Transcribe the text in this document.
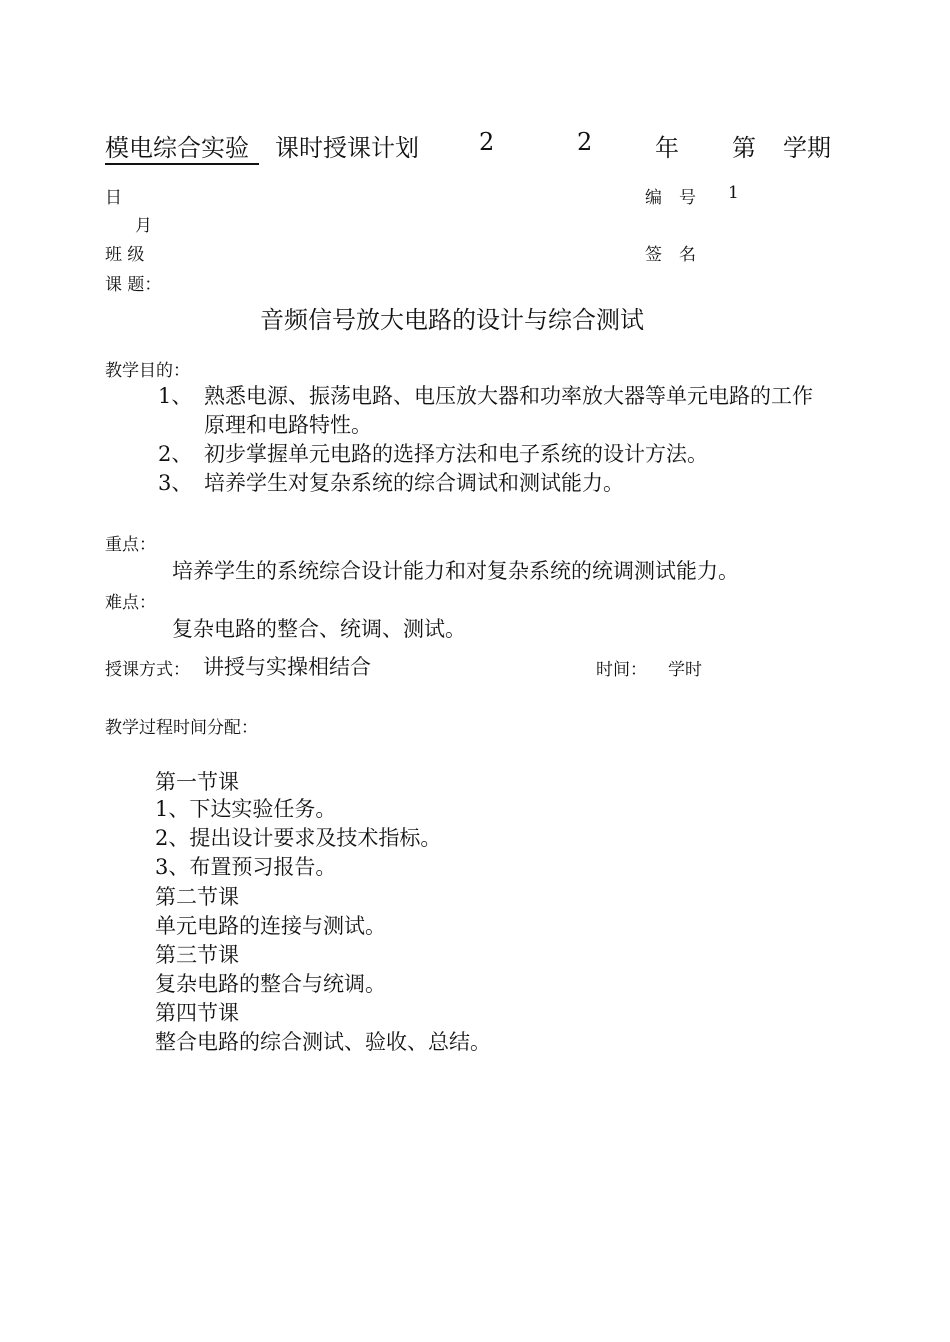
模电综合实验	课时授课计划	2	2	年 第 学期
日	编　号 1
月
班 级	签　名
课 题：
音频信号放大电路的设计与综合测试
教学目的：
1、 熟悉电源、振荡电路、电压放大器和功率放大器等单元电路的工作
原理和电路特性。
2、 初步掌握单元电路的选择方法和电子系统的设计方法。
3、 培养学生对复杂系统的综合调试和测试能力。
重点：
培养学生的系统综合设计能力和对复杂系统的统调测试能力。
难点：
复杂电路的整合、统调、测试。
授课方式： 讲授与实操相结合	时间： 学时
教学过程时间分配：
第一节课
1、下达实验任务。
2、提出设计要求及技术指标。
3、布置预习报告。
第二节课
单元电路的连接与测试。
第三节课
复杂电路的整合与统调。
第四节课
整合电路的综合测试、验收、总结。
